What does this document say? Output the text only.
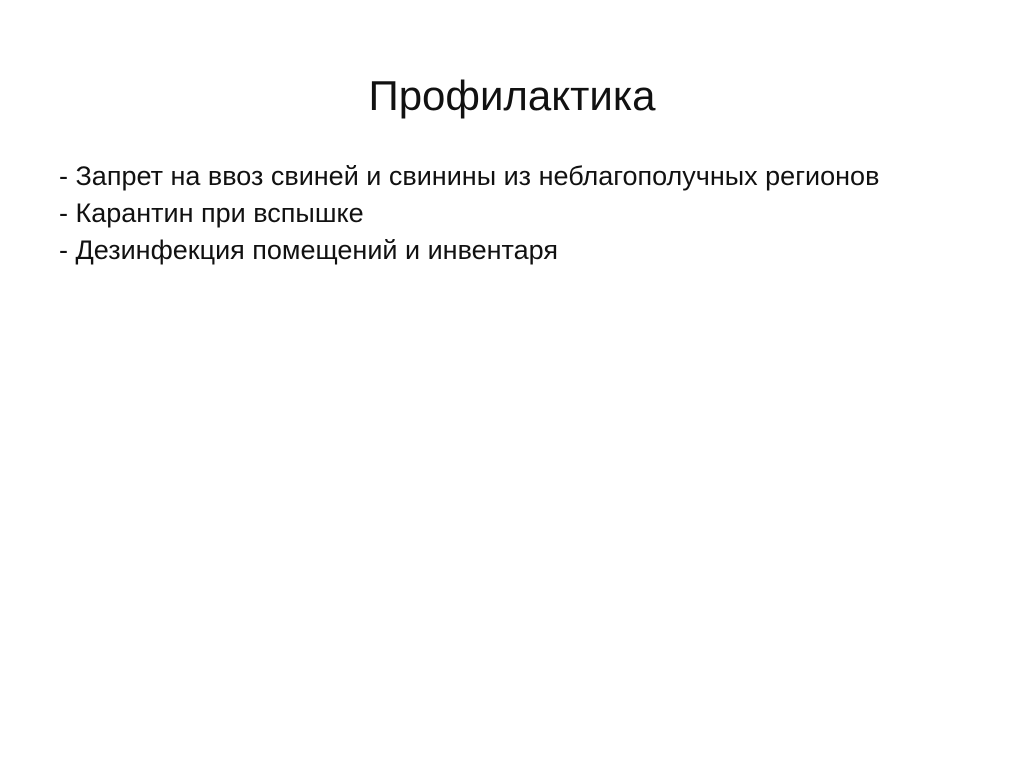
Профилактика
- Запрет на ввоз свиней и свинины из неблагополучных регионов
- Карантин при вспышке
- Дезинфекция помещений и инвентаря
